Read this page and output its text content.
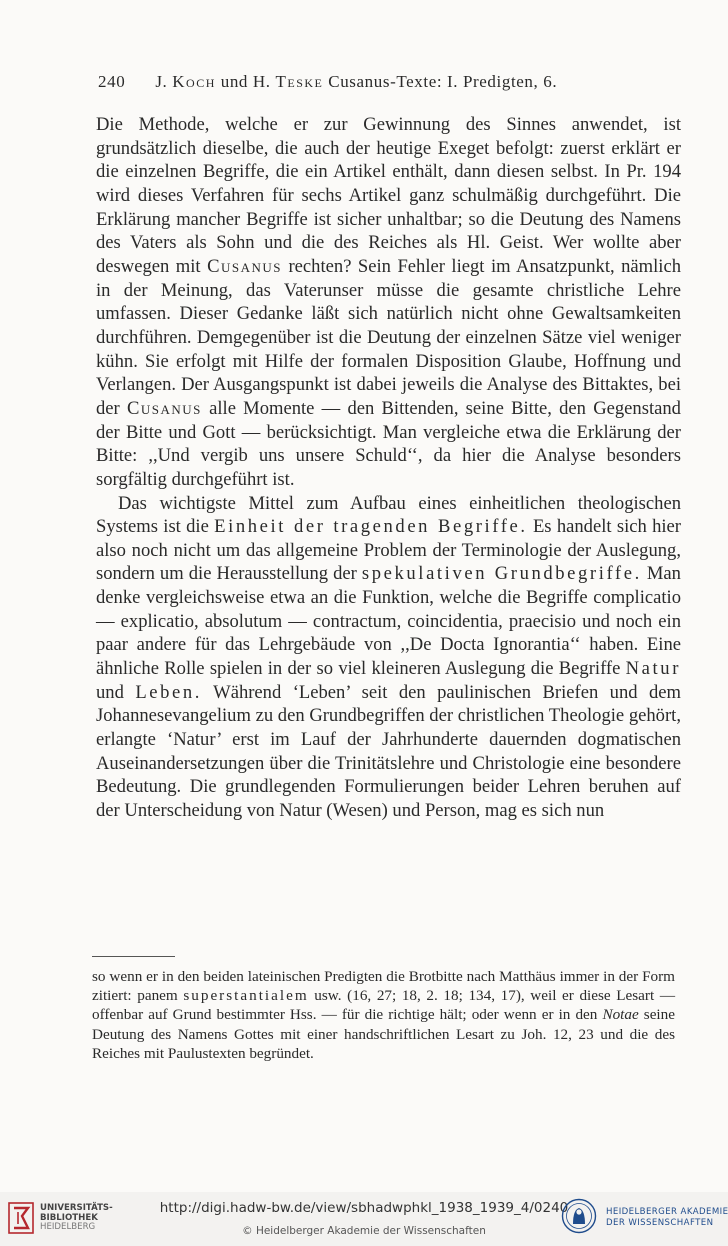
240 J. Koch und H. Teske Cusanus-Texte: I. Predigten, 6.

Die Methode, welche er zur Gewinnung des Sinnes anwendet, ist grundsätzlich dieselbe, die auch der heutige Exeget befolgt: zuerst erklärt er die einzelnen Begriffe, die ein Artikel enthält, dann diesen selbst. In Pr. 194 wird dieses Verfahren für sechs Artikel ganz schulmäßig durchgeführt. Die Erklärung mancher Begriffe ist sicher unhaltbar; so die Deutung des Namens des Vaters als Sohn und die des Reiches als Hl. Geist. Wer wollte aber deswegen mit Cusanus rechten? Sein Fehler liegt im Ansatzpunkt, nämlich in der Meinung, das Vaterunser müsse die gesamte christliche Lehre umfassen. Dieser Gedanke läßt sich natürlich nicht ohne Gewaltsamkeiten durchführen. Demgegenüber ist die Deutung der einzelnen Sätze viel weniger kühn. Sie erfolgt mit Hilfe der formalen Disposition Glaube, Hoffnung und Verlangen. Der Ausgangspunkt ist dabei jeweils die Analyse des Bittaktes, bei der Cusanus alle Momente — den Bittenden, seine Bitte, den Gegenstand der Bitte und Gott — berücksichtigt. Man vergleiche etwa die Erklärung der Bitte: ,,Und vergib uns unsere Schuld‘‘, da hier die Analyse besonders sorgfältig durchgeführt ist.

Das wichtigste Mittel zum Aufbau eines einheitlichen theologischen Systems ist die Einheit der tragenden Begriffe. Es handelt sich hier also noch nicht um das allgemeine Problem der Terminologie der Auslegung, sondern um die Herausstellung der spekulativen Grundbegriffe. Man denke vergleichsweise etwa an die Funktion, welche die Begriffe complicatio — explicatio, absolutum — contractum, coincidentia, praecisio und noch ein paar andere für das Lehrgebäude von ,,De Docta Ignorantia‘‘ haben. Eine ähnliche Rolle spielen in der so viel kleineren Auslegung die Begriffe Natur und Leben. Während ‘Leben’ seit den paulinischen Briefen und dem Johannesevangelium zu den Grundbegriffen der christlichen Theologie gehört, erlangte ‘Natur’ erst im Lauf der Jahrhunderte dauernden dogmatischen Auseinandersetzungen über die Trinitätslehre und Christologie eine besondere Bedeutung. Die grundlegenden Formulierungen beider Lehren beruhen auf der Unterscheidung von Natur (Wesen) und Person, mag es sich nun

so wenn er in den beiden lateinischen Predigten die Brotbitte nach Matthäus immer in der Form zitiert: panem superstantialem usw. (16, 27; 18, 2. 18; 134, 17), weil er diese Lesart — offenbar auf Grund bestimmter Hss. — für die richtige hält; oder wenn er in den Notae seine Deutung des Namens Gottes mit einer handschriftlichen Lesart zu Joh. 12, 23 und die des Reiches mit Paulustexten begründet.

UNIVERSITÄTS-
BIBLIOTHEK
HEIDELBERG
http://digi.hadw-bw.de/view/sbhadwphkl_1938_1939_4/0240
© Heidelberger Akademie der Wissenschaften
HEIDELBERGER AKADEMIE
DER WISSENSCHAFTEN
